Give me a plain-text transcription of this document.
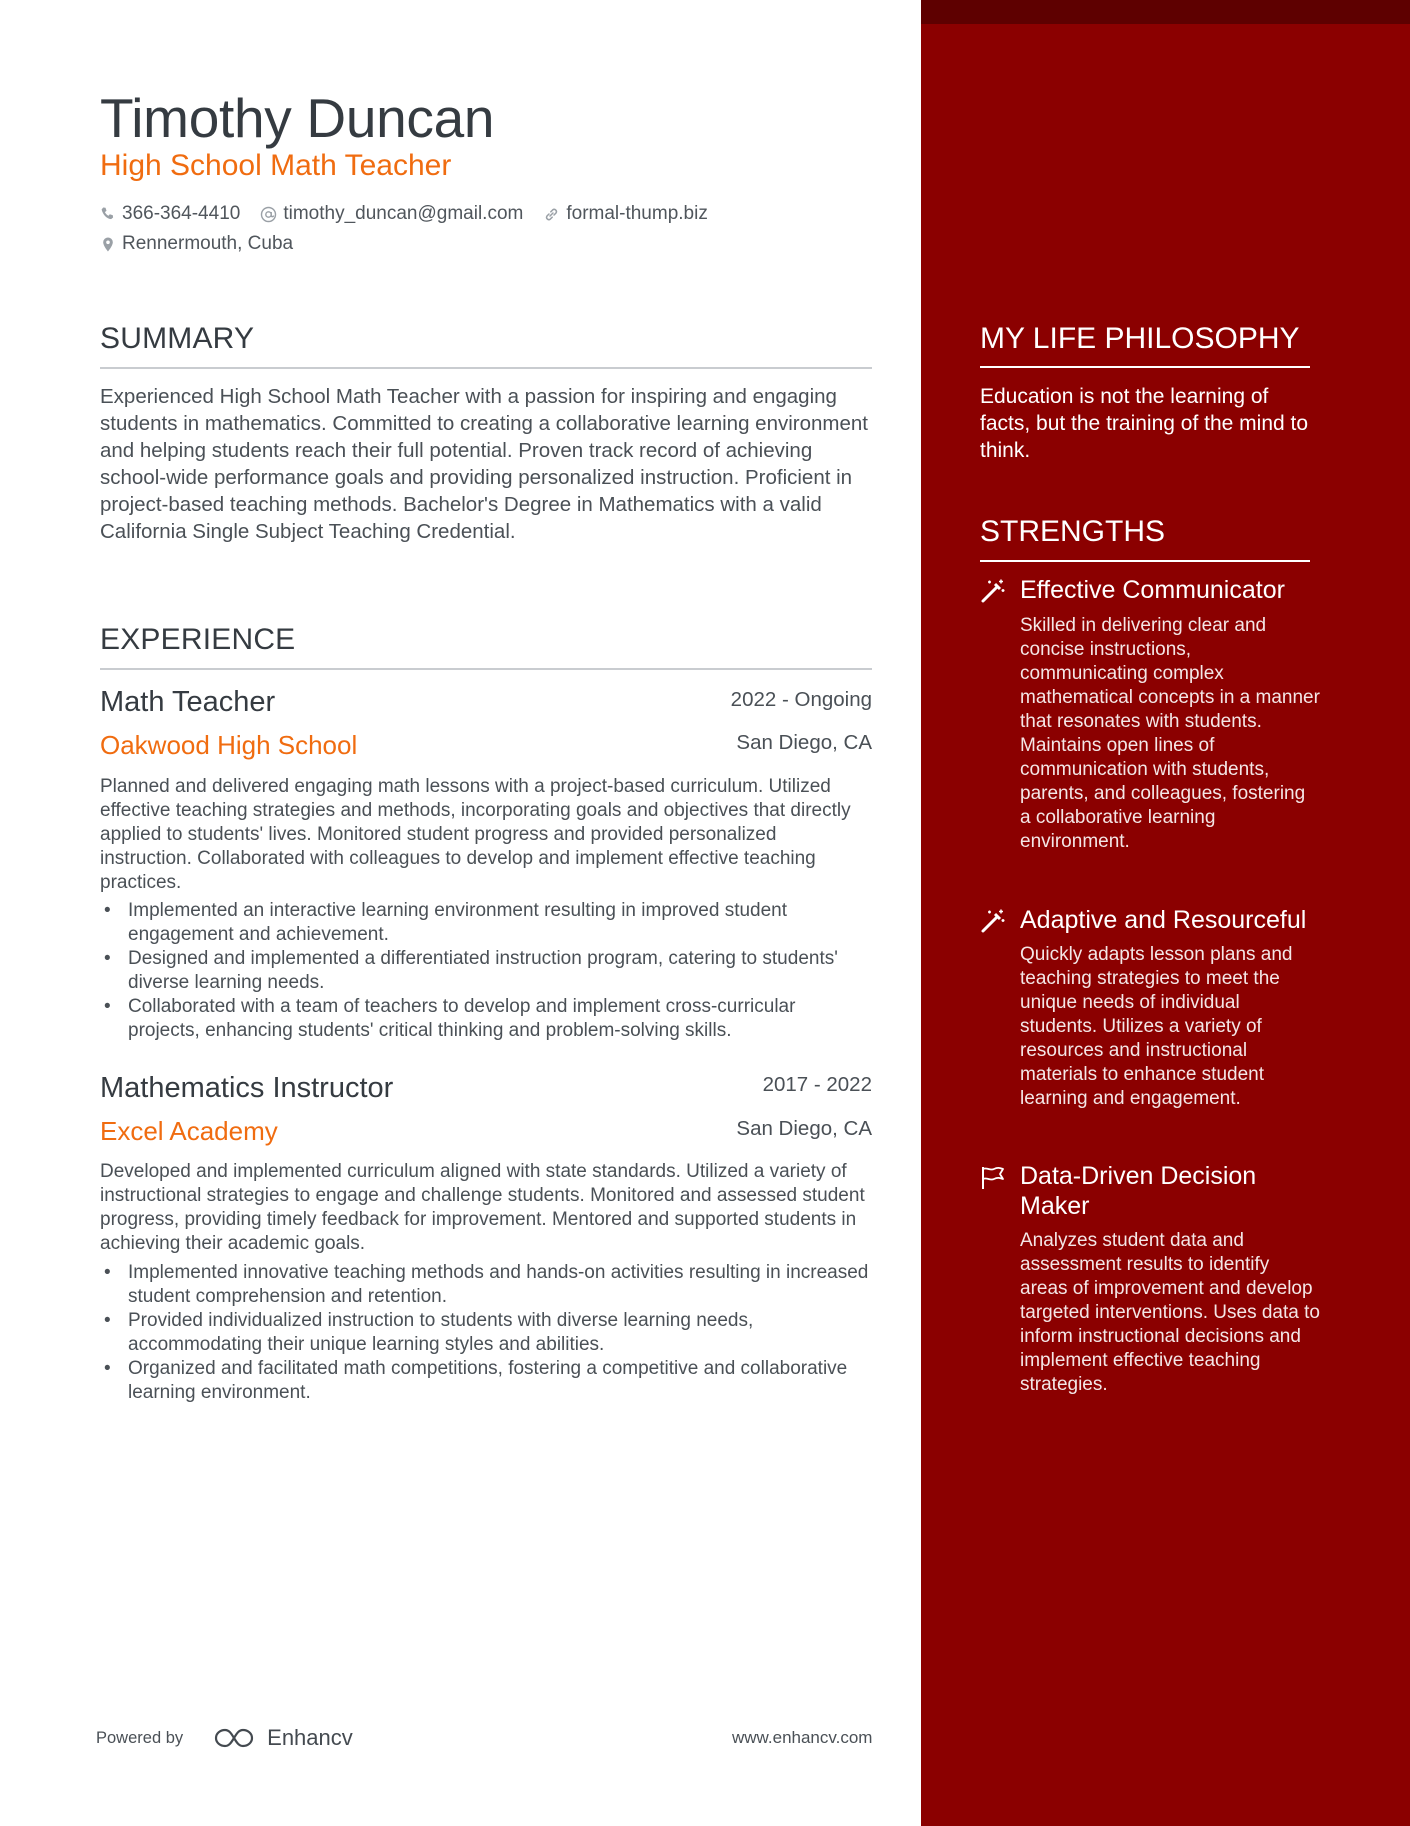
Timothy Duncan
High School Math Teacher
366-364-4410 timothy_duncan@gmail.com formal-thump.biz
Rennermouth, Cuba
SUMMARY
Experienced High School Math Teacher with a passion for inspiring and engaging students in mathematics. Committed to creating a collaborative learning environment and helping students reach their full potential. Proven track record of achieving school-wide performance goals and providing personalized instruction. Proficient in project-based teaching methods. Bachelor's Degree in Mathematics with a valid California Single Subject Teaching Credential.
EXPERIENCE
Math Teacher	2022 - Ongoing
Oakwood High School	San Diego, CA
Planned and delivered engaging math lessons with a project-based curriculum. Utilized effective teaching strategies and methods, incorporating goals and objectives that directly applied to students' lives. Monitored student progress and provided personalized instruction. Collaborated with colleagues to develop and implement effective teaching practices.
• Implemented an interactive learning environment resulting in improved student engagement and achievement.
• Designed and implemented a differentiated instruction program, catering to students' diverse learning needs.
• Collaborated with a team of teachers to develop and implement cross-curricular projects, enhancing students' critical thinking and problem-solving skills.
Mathematics Instructor	2017 - 2022
Excel Academy	San Diego, CA
Developed and implemented curriculum aligned with state standards. Utilized a variety of instructional strategies to engage and challenge students. Monitored and assessed student progress, providing timely feedback for improvement. Mentored and supported students in achieving their academic goals.
• Implemented innovative teaching methods and hands-on activities resulting in increased student comprehension and retention.
• Provided individualized instruction to students with diverse learning needs, accommodating their unique learning styles and abilities.
• Organized and facilitated math competitions, fostering a competitive and collaborative learning environment.
Powered by	Enhancv	www.enhancv.com
MY LIFE PHILOSOPHY
Education is not the learning of facts, but the training of the mind to think.
STRENGTHS
Effective Communicator
Skilled in delivering clear and concise instructions, communicating complex mathematical concepts in a manner that resonates with students. Maintains open lines of communication with students, parents, and colleagues, fostering a collaborative learning environment.
Adaptive and Resourceful
Quickly adapts lesson plans and teaching strategies to meet the unique needs of individual students. Utilizes a variety of resources and instructional materials to enhance student learning and engagement.
Data-Driven Decision Maker
Analyzes student data and assessment results to identify areas of improvement and develop targeted interventions. Uses data to inform instructional decisions and implement effective teaching strategies.
